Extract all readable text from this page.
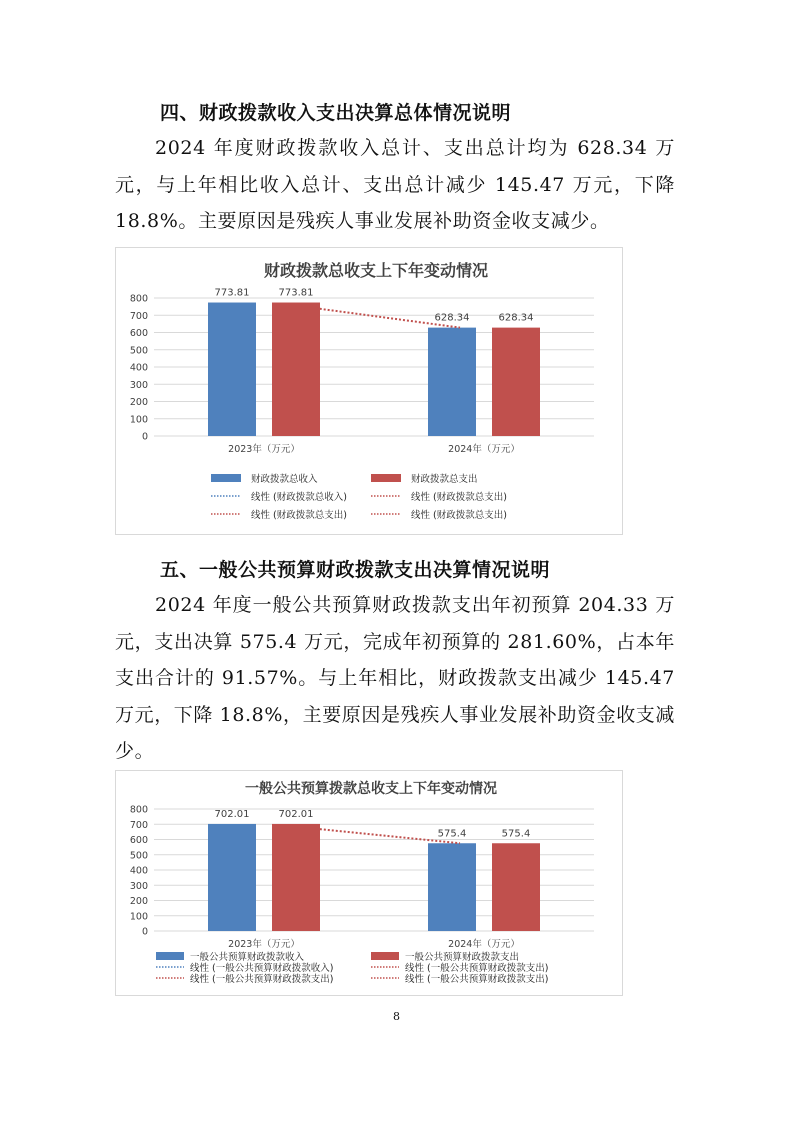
四、财政拨款收入支出决算总体情况说明

2024 年度财政拨款收入总计、支出总计均为 628.34 万元，与上年相比收入总计、支出总计减少 145.47 万元，下降 18.8%。主要原因是残疾人事业发展补助资金收支减少。

财政拨款总收支上下年变动情况
0
100
200
300
400
500
600
700
800
773.81	773.81
2023年（万元）
628.34	628.34
2024年（万元）
财政拨款总收入	财政拨款总支出
线性 (财政拨款总收入)	线性 (财政拨款总支出)
线性 (财政拨款总支出)	线性 (财政拨款总支出)
五、一般公共预算财政拨款支出决算情况说明

2024 年度一般公共预算财政拨款支出年初预算 204.33 万元，支出决算 575.4 万元，完成年初预算的 281.60%，占本年支出合计的 91.57%。与上年相比，财政拨款支出减少 145.47 万元，下降 18.8%，主要原因是残疾人事业发展补助资金收支减少。

一般公共预算拨款总收支上下年变动情况
0
100
200
300
400
500
600
700
800	702.01	702.01
2023年（万元）
575.4	575.4
2024年（万元）
一般公共预算财政拨款收入	一般公共预算财政拨款支出
线性 (一般公共预算财政拨款收入)	线性 (一般公共预算财政拨款支出)
线性 (一般公共预算财政拨款支出)	线性 (一般公共预算财政拨款支出)
8
